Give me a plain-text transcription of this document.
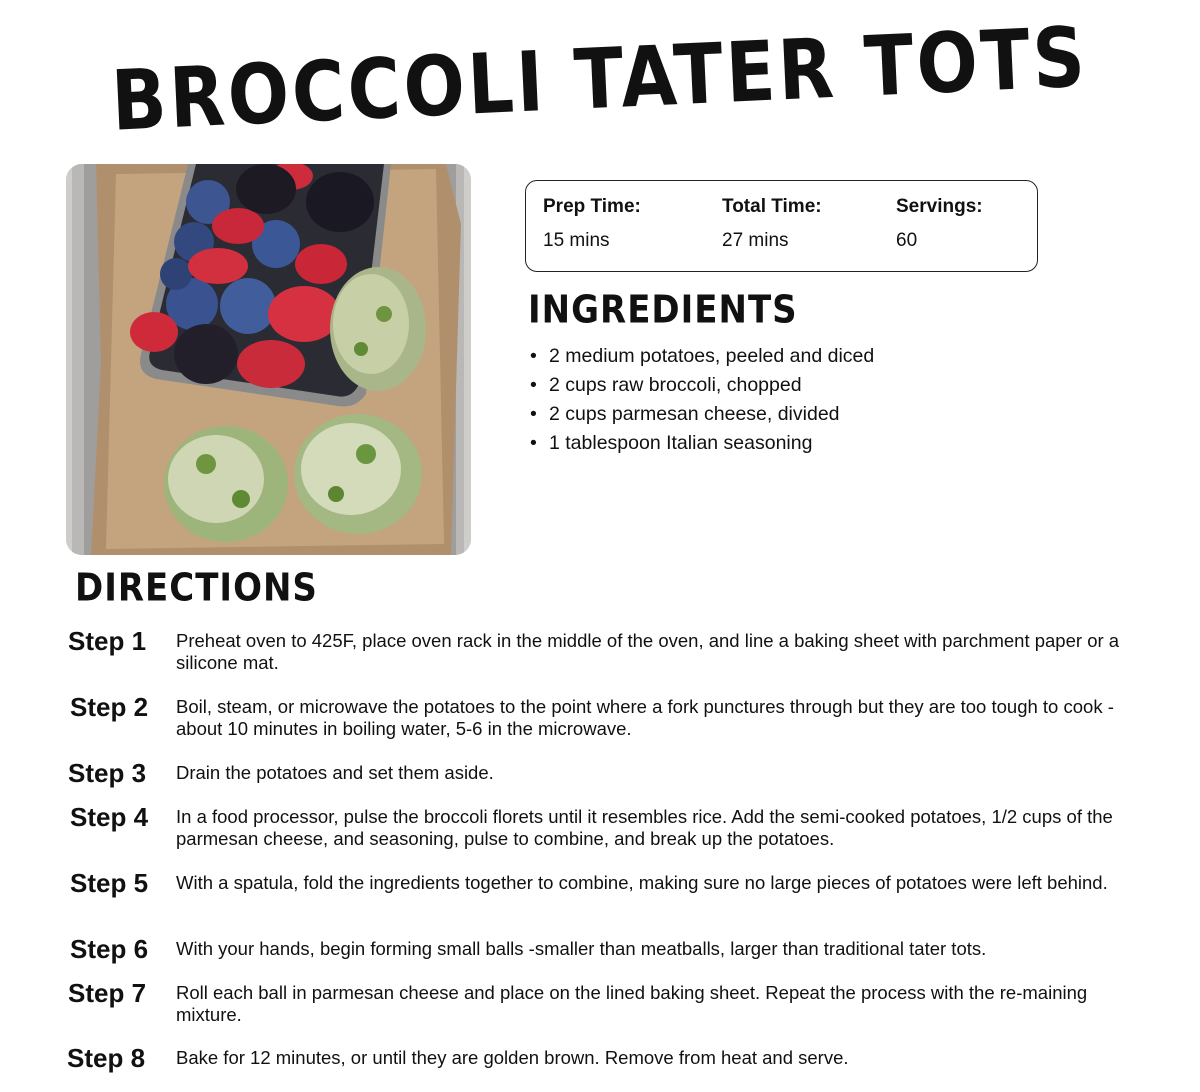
BROCCOLI TATER TOTS
Prep Time:
15 mins
Total Time:
27 mins
Servings:
60
INGREDIENTS
• 2 medium potatoes, peeled and diced
• 2 cups raw broccoli, chopped
• 2 cups parmesan cheese, divided
• 1 tablespoon Italian seasoning
DIRECTIONS
Step 1 Preheat oven to 425F, place oven rack in the middle of the oven, and line a baking sheet with parchment paper or a silicone mat.
Step 2 Boil, steam, or microwave the potatoes to the point where a fork punctures through but they are too tough to cook -about 10 minutes in boiling water, 5-6 in the microwave.
Step 3 Drain the potatoes and set them aside.
Step 4 In a food processor, pulse the broccoli florets until it resembles rice. Add the semi-cooked potatoes, 1/2 cups of the parmesan cheese, and seasoning, pulse to combine, and break up the potatoes.
Step 5 With a spatula, fold the ingredients together to combine, making sure no large pieces of potatoes were left behind.
Step 6 With your hands, begin forming small balls -smaller than meatballs, larger than traditional tater tots.
Step 7 Roll each ball in parmesan cheese and place on the lined baking sheet. Repeat the process with the re-maining mixture.
Step 8 Bake for 12 minutes, or until they are golden brown. Remove from heat and serve.
